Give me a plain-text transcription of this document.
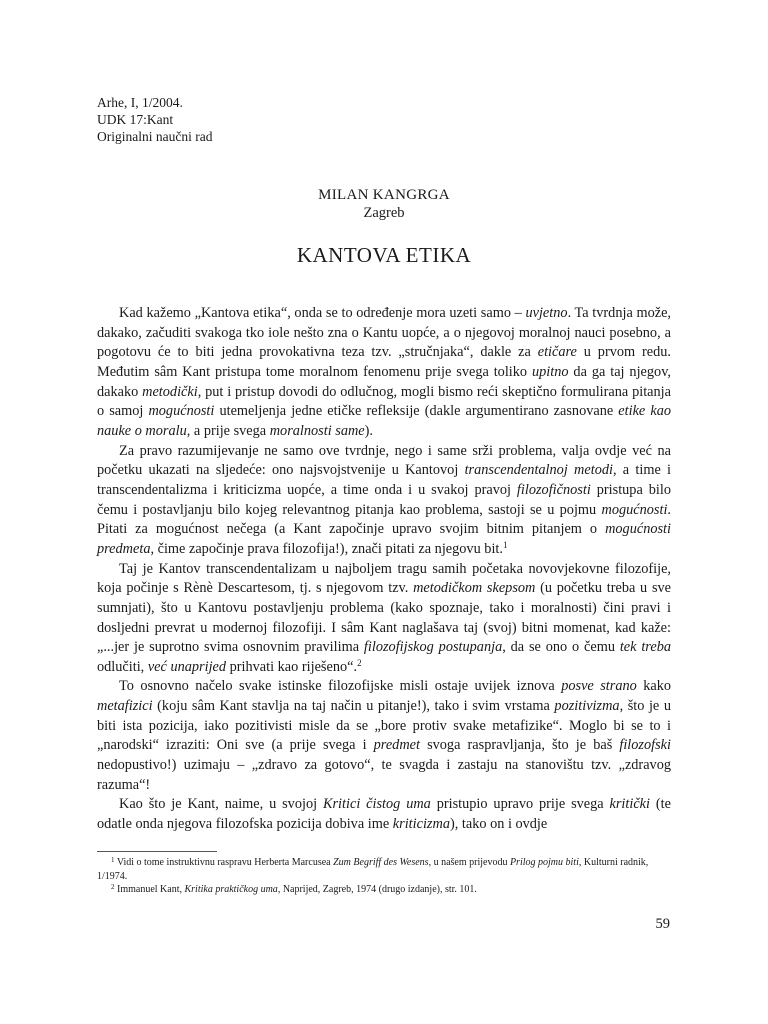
Arhe, I, 1/2004.
UDK 17:Kant
Originalni naučni rad
MILAN KANGRGA
Zagreb
KANTOVA ETIKA

Kad kažemo „Kantova etika“, onda se to određenje mora uzeti samo – uvjetno. Ta tvrdnja može, dakako, začuditi svakoga tko iole nešto zna o Kantu uopće, a o njegovoj moralnoj nauci posebno, a pogotovu će to biti jedna provokativna teza tzv. „stručnjaka“, dakle za etičare u prvom redu. Međutim sâm Kant pristupa tome moralnom fenomenu prije svega toliko upitno da ga taj njegov, dakako metodički, put i pristup dovodi do odlučnog, mogli bismo reći skeptično formulirana pitanja o samoj mogućnosti utemeljenja jedne etičke refleksije (dakle argumentirano zasnovane etike kao nauke o moralu, a prije svega moralnosti same).

Za pravo razumijevanje ne samo ove tvrdnje, nego i same srži problema, valja ovdje već na početku ukazati na sljedeće: ono najsvojstvenije u Kantovoj transcendentalnoj metodi, a time i transcendentalizma i kriticizma uopće, a time onda i u svakoj pravoj filozofičnosti pristupa bilo čemu i postavljanju bilo kojeg relevantnog pitanja kao problema, sastoji se u pojmu mogućnosti. Pitati za mogućnost nečega (a Kant započinje upravo svojim bitnim pitanjem o mogućnosti predmeta, čime započinje prava filozofija!), znači pitati za njegovu bit.$^1$

Taj je Kantov transcendentalizam u najboljem tragu samih početaka novovjekovne filozofije, koja počinje s Rènè Descartesom, tj. s njegovom tzv. metodičkom skepsom (u početku treba u sve sumnjati), što u Kantovu postavljenju problema (kako spoznaje, tako i moralnosti) čini pravi i dosljedni prevrat u modernoj filozofiji. I sâm Kant naglašava taj (svoj) bitni momenat, kad kaže: „...jer je suprotno svima osnovnim pravilima filozofijskog postupanja, da se ono o čemu tek treba odlučiti, već unaprijed prihvati kao riješeno“.$^2$

To osnovno načelo svake istinske filozofijske misli ostaje uvijek iznova posve strano kako metafizici (koju sâm Kant stavlja na taj način u pitanje!), tako i svim vrstama pozitivizma, što je u biti ista pozicija, iako pozitivisti misle da se „bore protiv svake metafizike“. Moglo bi se to i „narodski“ izraziti: Oni sve (a prije svega i predmet svoga raspravljanja, što je baš filozofski nedopustivo!) uzimaju – „zdravo za gotovo“, te svagda i zastaju na stanovištu tzv. „zdravog razuma“!

Kao što je Kant, naime, u svojoj Kritici čistog uma pristupio upravo prije svega kritički (te odatle onda njegova filozofska pozicija dobiva ime kriticizma), tako on i ovdje

$^1$ Vidi o tome instruktivnu raspravu Herberta Marcusea Zum Begriff des Wesens, u našem prijevodu Prilog pojmu biti, Kulturni radnik, 1/1974.

$^2$ Immanuel Kant, Kritika praktičkog uma, Naprijed, Zagreb, 1974 (drugo izdanje), str. 101.

59
